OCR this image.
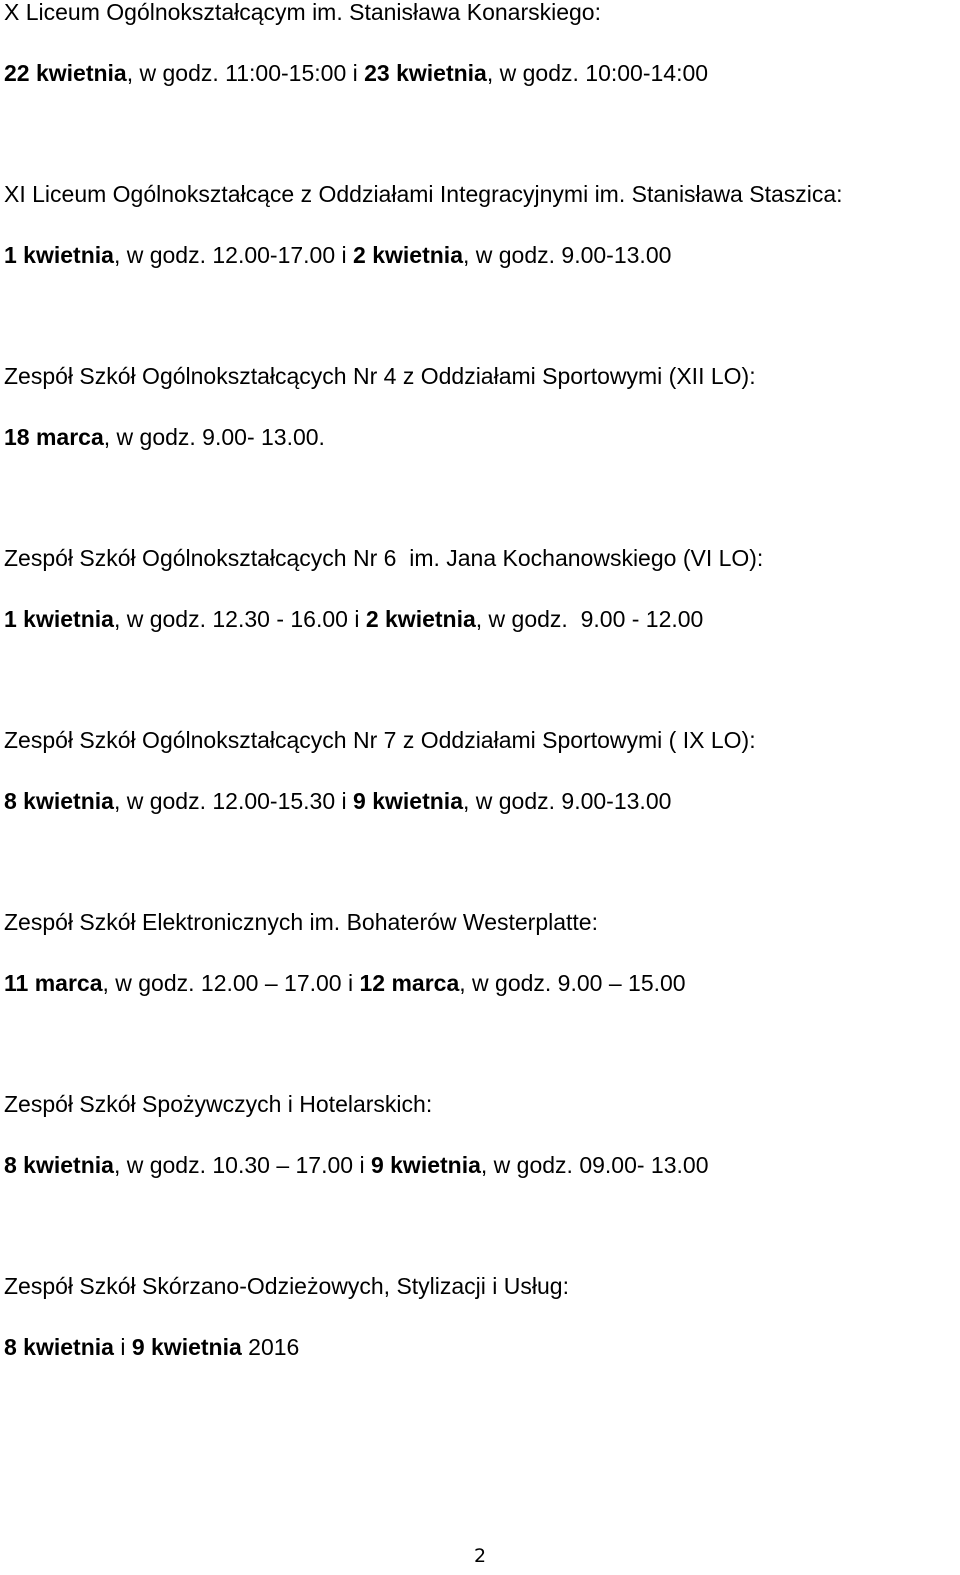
X Liceum Ogólnokształcącym im. Stanisława Konarskiego:

22 kwietnia, w godz. 11:00-15:00 i 23 kwietnia, w godz. 10:00-14:00

XI Liceum Ogólnokształcące z Oddziałami Integracyjnymi im. Stanisława Staszica:

1 kwietnia, w godz. 12.00-17.00 i 2 kwietnia, w godz. 9.00-13.00

Zespół Szkół Ogólnokształcących Nr 4 z Oddziałami Sportowymi (XII LO):

18 marca, w godz. 9.00- 13.00.

Zespół Szkół Ogólnokształcących Nr 6  im. Jana Kochanowskiego (VI LO):

1 kwietnia, w godz. 12.30 - 16.00 i 2 kwietnia, w godz.  9.00 - 12.00

Zespół Szkół Ogólnokształcących Nr 7 z Oddziałami Sportowymi ( IX LO):

8 kwietnia, w godz. 12.00-15.30 i 9 kwietnia, w godz. 9.00-13.00

Zespół Szkół Elektronicznych im. Bohaterów Westerplatte:

11 marca, w godz. 12.00 – 17.00 i 12 marca, w godz. 9.00 – 15.00

Zespół Szkół Spożywczych i Hotelarskich:

8 kwietnia, w godz. 10.30 – 17.00 i 9 kwietnia, w godz. 09.00- 13.00

Zespół Szkół Skórzano-Odzieżowych, Stylizacji i Usług:

8 kwietnia i 9 kwietnia 2016

2
